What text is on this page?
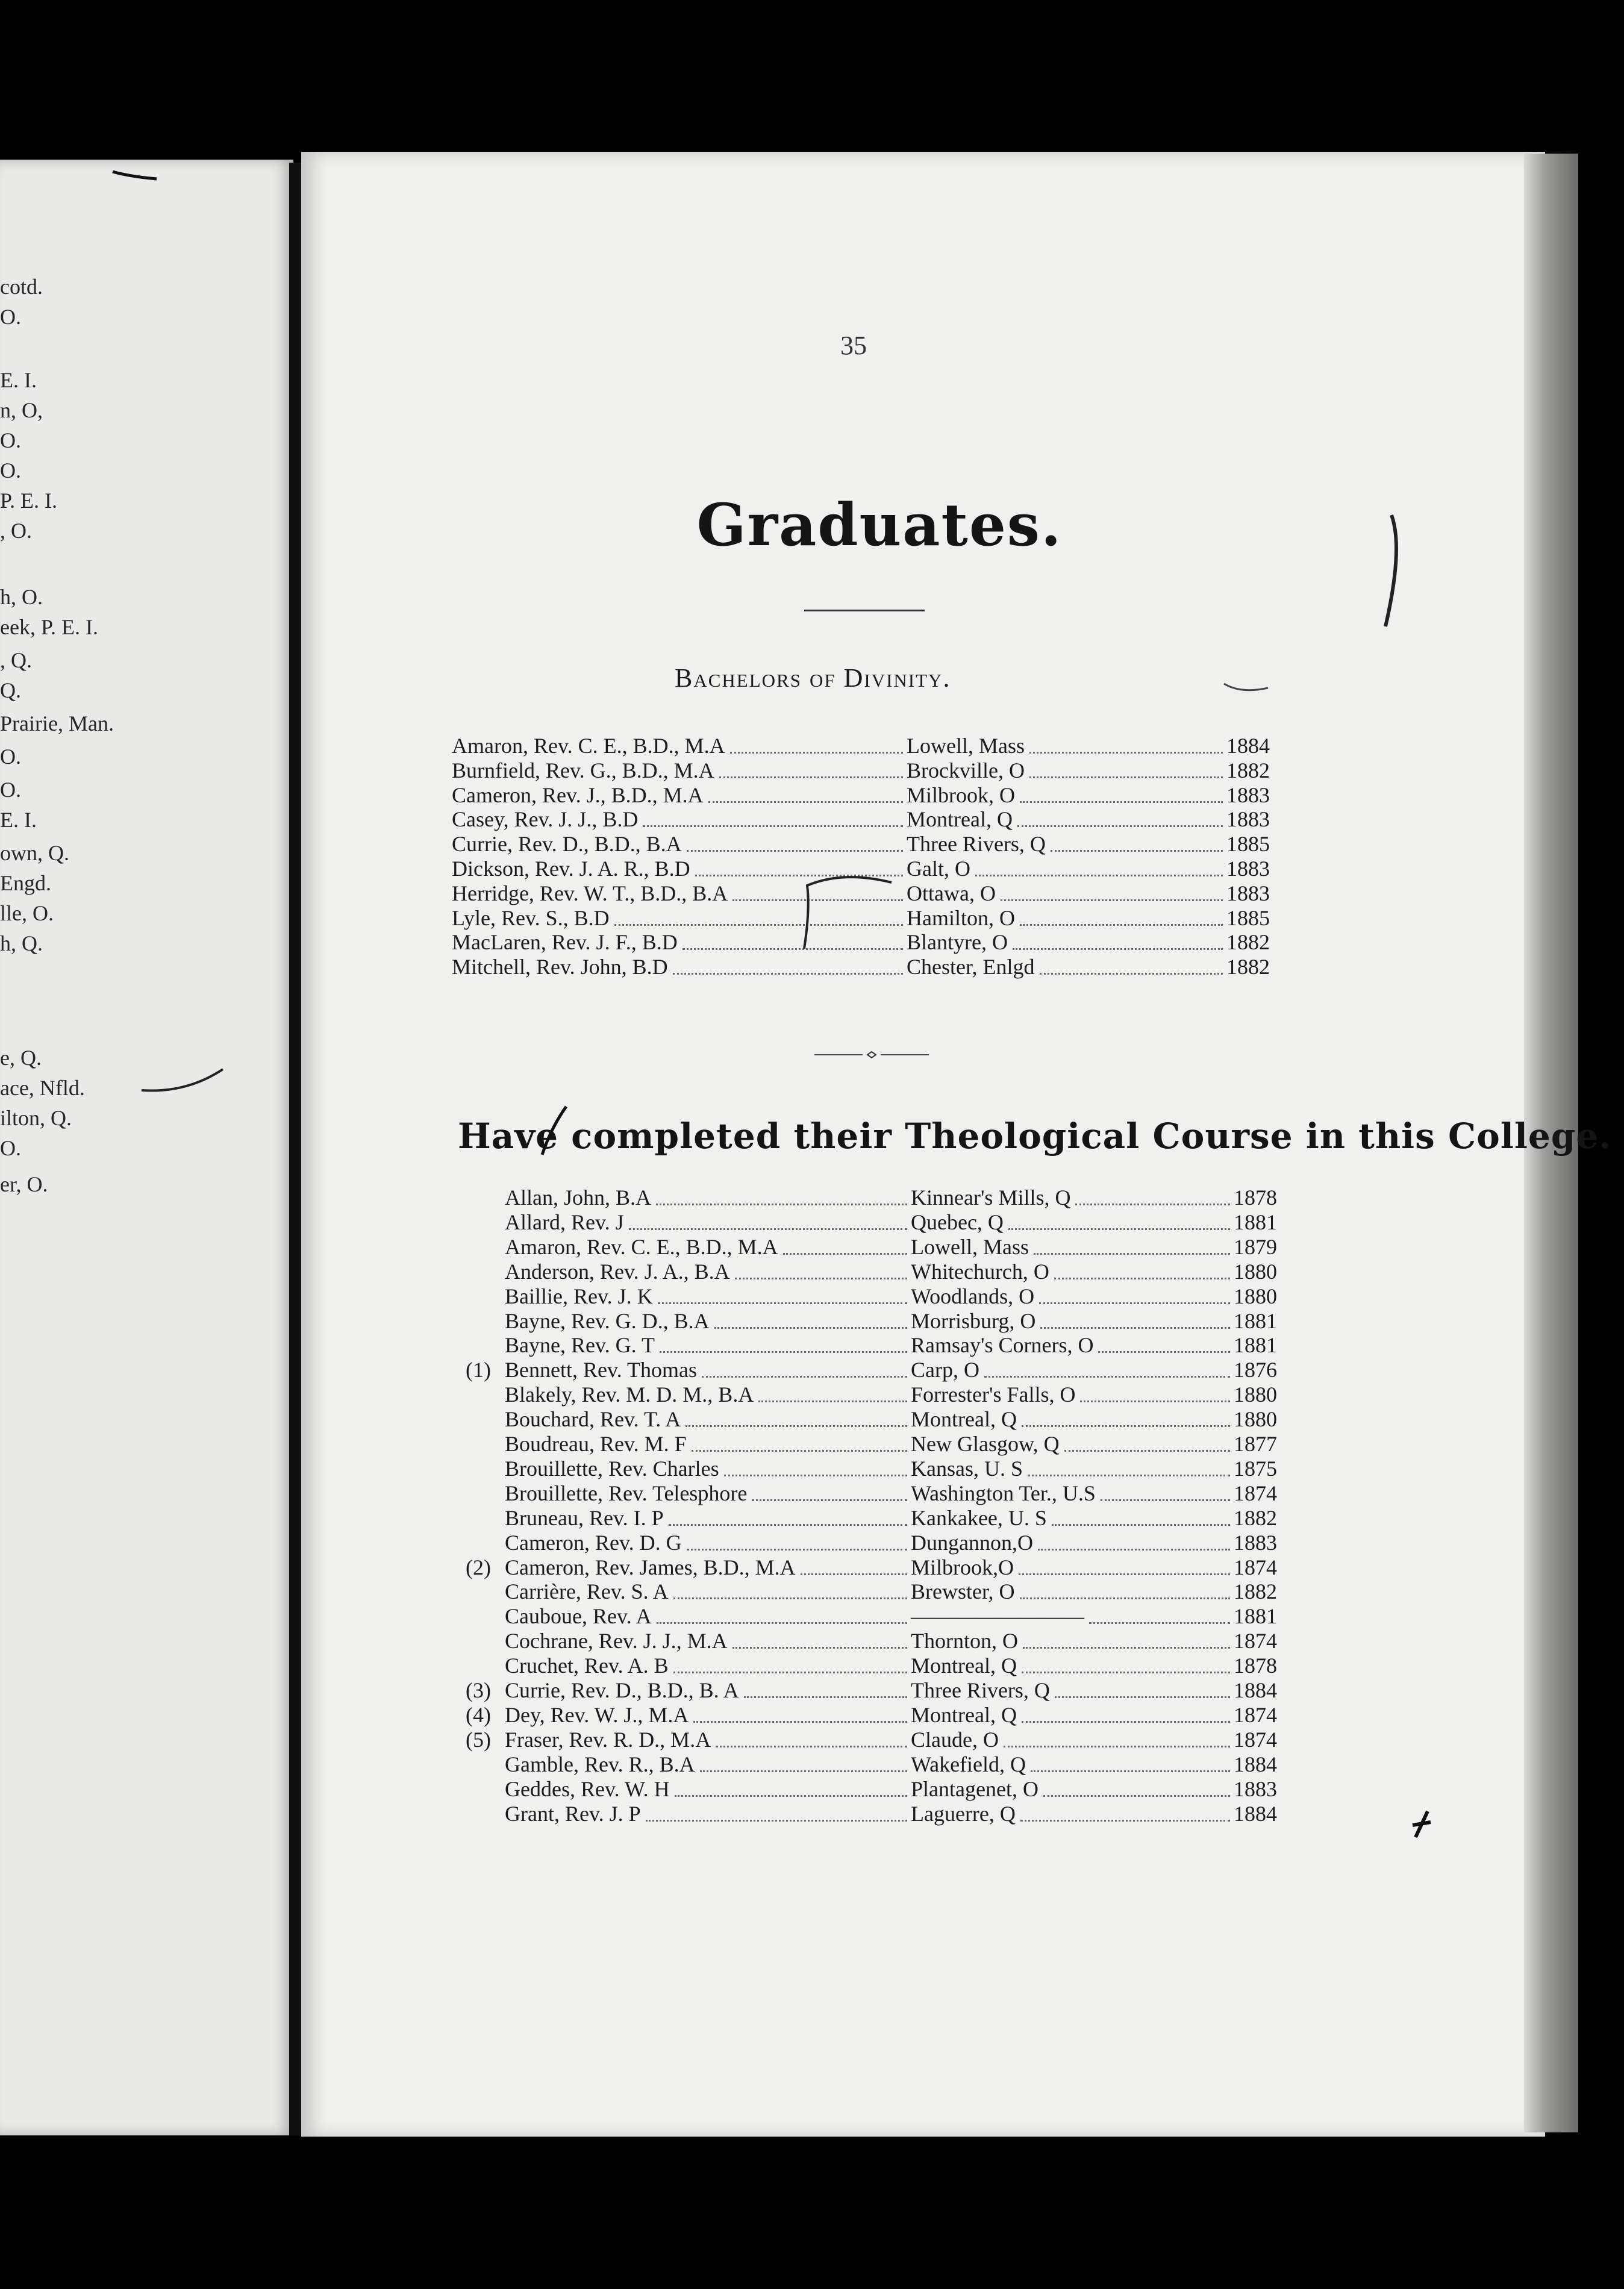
cotd.
O.
E. I.
n, O,
O.
O.
P. E. I.
, O.
h, O.
eek, P. E. I.
, Q.
Q.
Prairie, Man.
O.
O.
E. I.
own, Q.
Engd.
lle, O.
h, Q.
e, Q.
ace, Nfld.
ilton, Q.
O.
er, O.
35
Graduates.
Bachelors of Divinity.
Amaron, Rev. C. E., B.D., M.A	Lowell, Mass	1884
Burnfield, Rev. G., B.D., M.A	Brockville, O	1882
Cameron, Rev. J., B.D., M.A	Milbrook, O	1883
Casey, Rev. J. J., B.D	Montreal, Q	1883
Currie, Rev. D., B.D., B.A	Three Rivers, Q	1885
Dickson, Rev. J. A. R., B.D	Galt, O	1883
Herridge, Rev. W. T., B.D., B.A	Ottawa, O	1883
Lyle, Rev. S., B.D	Hamilton, O	1885
MacLaren, Rev. J. F., B.D	Blantyre, O	1882
Mitchell, Rev. John, B.D	Chester, Enlgd	1882
Have completed their Theological Course in this College.
Allan, John, B.A	Kinnear's Mills, Q	1878
Allard, Rev. J	Quebec, Q	1881
Amaron, Rev. C. E., B.D., M.A	Lowell, Mass	1879
Anderson, Rev. J. A., B.A	Whitechurch, O	1880
Baillie, Rev. J. K	Woodlands, O	1880
Bayne, Rev. G. D., B.A	Morrisburg, O	1881
Bayne, Rev. G. T	Ramsay's Corners, O	1881
(1) Bennett, Rev. Thomas	Carp, O	1876
Blakely, Rev. M. D. M., B.A	Forrester's Falls, O	1880
Bouchard, Rev. T. A	Montreal, Q	1880
Boudreau, Rev. M. F	New Glasgow, Q	1877
Brouillette, Rev. Charles	Kansas, U. S	1875
Brouillette, Rev. Telesphore	Washington Ter., U.S	1874
Bruneau, Rev. I. P	Kankakee, U. S	1882
Cameron, Rev. D. G	Dungannon,O	1883
(2) Cameron, Rev. James, B.D., M.A	Milbrook,O	1874
Carrière, Rev. S. A	Brewster, O	1882
Cauboue, Rev. A	————————	1881
Cochrane, Rev. J. J., M.A	Thornton, O	1874
Cruchet, Rev. A. B	Montreal, Q	1878
(3) Currie, Rev. D., B.D., B. A	Three Rivers, Q	1884
(4) Dey, Rev. W. J., M.A	Montreal, Q	1874
(5) Fraser, Rev. R. D., M.A	Claude, O	1874
Gamble, Rev. R., B.A	Wakefield, Q	1884
Geddes, Rev. W. H	Plantagenet, O	1883
Grant, Rev. J. P	Laguerre, Q	1884
